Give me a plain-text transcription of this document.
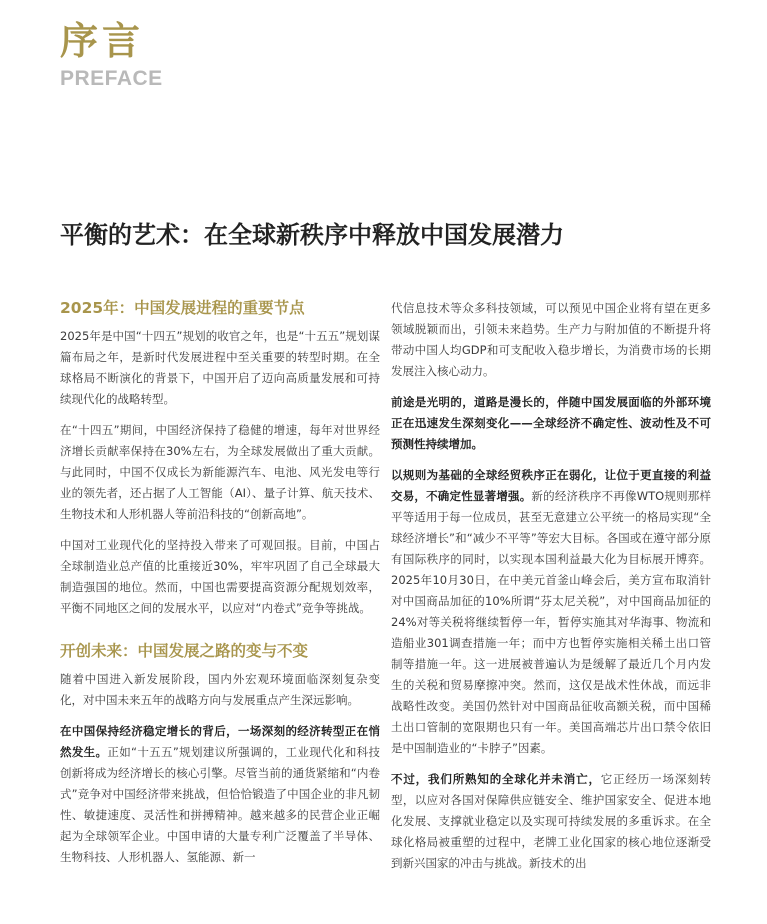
序言
PREFACE
平衡的艺术：在全球新秩序中释放中国发展潜力
2025年：中国发展进程的重要节点

2025年是中国“十四五”规划的收官之年，也是“十五五”规划谋篇布局之年，是新时代发展进程中至关重要的转型时期。在全球格局不断演化的背景下，中国开启了迈向高质量发展和可持续现代化的战略转型。

在“十四五”期间，中国经济保持了稳健的增速，每年对世界经济增长贡献率保持在30%左右，为全球发展做出了重大贡献。与此同时，中国不仅成长为新能源汽车、电池、风光发电等行业的领先者，还占据了人工智能（AI）、量子计算、航天技术、生物技术和人形机器人等前沿科技的“创新高地”。

中国对工业现代化的坚持投入带来了可观回报。目前，中国占全球制造业总产值的比重接近30%，牢牢巩固了自己全球最大制造强国的地位。然而，中国也需要提高资源分配规划效率，平衡不同地区之间的发展水平，以应对“内卷式”竞争等挑战。

开创未来：中国发展之路的变与不变

随着中国进入新发展阶段，国内外宏观环境面临深刻复杂变化，对中国未来五年的战略方向与发展重点产生深远影响。

在中国保持经济稳定增长的背后，一场深刻的经济转型正在悄然发生。正如“十五五”规划建议所强调的，工业现代化和科技创新将成为经济增长的核心引擎。尽管当前的通货紧缩和“内卷式”竞争对中国经济带来挑战，但恰恰锻造了中国企业的非凡韧性、敏捷速度、灵活性和拼搏精神。越来越多的民营企业正崛起为全球领军企业。中国申请的大量专利广泛覆盖了半导体、生物科技、人形机器人、氢能源、新一

代信息技术等众多科技领域，可以预见中国企业将有望在更多领域脱颖而出，引领未来趋势。生产力与附加值的不断提升将带动中国人均GDP和可支配收入稳步增长，为消费市场的长期发展注入核心动力。

前途是光明的，道路是漫长的，伴随中国发展面临的外部环境正在迅速发生深刻变化——全球经济不确定性、波动性及不可预测性持续增加。

以规则为基础的全球经贸秩序正在弱化，让位于更直接的利益交易，不确定性显著增强。新的经济秩序不再像WTO规则那样平等适用于每一位成员，甚至无意建立公平统一的格局实现“全球经济增长”和“减少不平等”等宏大目标。各国或在遵守部分原有国际秩序的同时，以实现本国利益最大化为目标展开博弈。2025年10月30日，在中美元首釜山峰会后，美方宣布取消针对中国商品加征的10%所谓“芬太尼关税”，对中国商品加征的24%对等关税将继续暂停一年，暂停实施其对华海事、物流和造船业301调查措施一年；而中方也暂停实施相关稀土出口管制等措施一年。这一进展被普遍认为是缓解了最近几个月内发生的关税和贸易摩擦冲突。然而，这仅是战术性休战，而远非战略性改变。美国仍然针对中国商品征收高额关税，而中国稀土出口管制的宽限期也只有一年。美国高端芯片出口禁令依旧是中国制造业的“卡脖子”因素。

不过，我们所熟知的全球化并未消亡，它正经历一场深刻转型，以应对各国对保障供应链安全、维护国家安全、促进本地化发展、支撑就业稳定以及实现可持续发展的多重诉求。在全球化格局被重塑的过程中，老牌工业化国家的核心地位逐渐受到新兴国家的冲击与挑战。新技术的出
